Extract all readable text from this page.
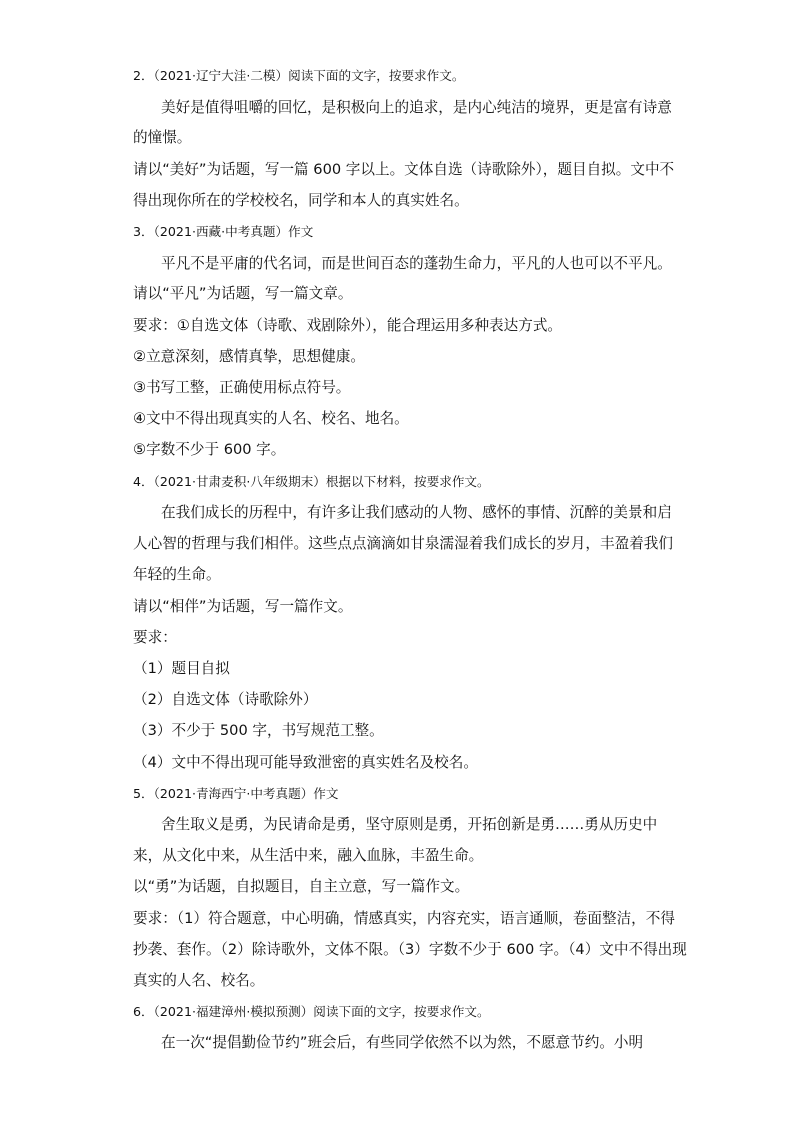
2．（2021·辽宁大洼·二模）阅读下面的文字，按要求作文。
美好是值得咀嚼的回忆，是积极向上的追求，是内心纯洁的境界，更是富有诗意
的憧憬。
请以“美好”为话题，写一篇 600 字以上。文体自选（诗歌除外），题目自拟。文中不
得出现你所在的学校校名，同学和本人的真实姓名。
3．（2021·西藏·中考真题）作文
平凡不是平庸的代名词，而是世间百态的蓬勃生命力，平凡的人也可以不平凡。
请以“平凡”为话题，写一篇文章。
要求：①自选文体（诗歌、戏剧除外），能合理运用多种表达方式。
②立意深刻，感情真挚，思想健康。
③书写工整，正确使用标点符号。
④文中不得出现真实的人名、校名、地名。
⑤字数不少于 600 字。
4．（2021·甘肃麦积·八年级期末）根据以下材料，按要求作文。
在我们成长的历程中，有许多让我们感动的人物、感怀的事情、沉醉的美景和启
人心智的哲理与我们相伴。这些点点滴滴如甘泉濡湿着我们成长的岁月，丰盈着我们
年轻的生命。
请以“相伴”为话题，写一篇作文。
要求：
（1）题目自拟
（2）自选文体（诗歌除外）
（3）不少于 500 字，书写规范工整。
（4）文中不得出现可能导致泄密的真实姓名及校名。
5．（2021·青海西宁·中考真题）作文
舍生取义是勇，为民请命是勇，坚守原则是勇，开拓创新是勇……勇从历史中
来，从文化中来，从生活中来，融入血脉，丰盈生命。
以“勇”为话题，自拟题目，自主立意，写一篇作文。
要求：（1）符合题意，中心明确，情感真实，内容充实，语言通顺，卷面整洁，不得
抄袭、套作。（2）除诗歌外，文体不限。（3）字数不少于 600 字。（4）文中不得出现
真实的人名、校名。
6．（2021·福建漳州·模拟预测）阅读下面的文字，按要求作文。
在一次“提倡勤俭节约”班会后，有些同学依然不以为然，不愿意节约。小明
